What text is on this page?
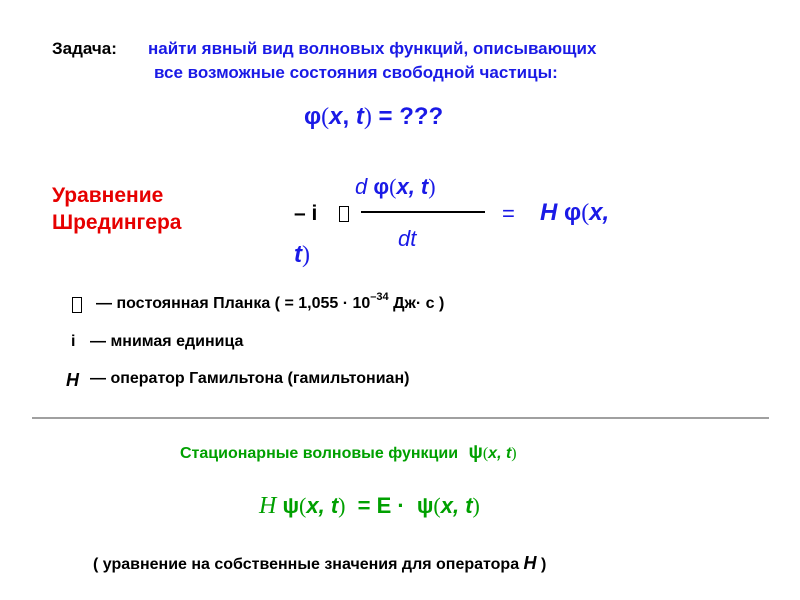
Задача: найти явный вид волновых функций, описывающих
все возможные состояния свободной частицы:
φ(x, t) = ???
Уравнение
Шредингера	– i
d φ(x, t)
dt
= H φ(x,
t)
— постоянная Планка ( = $1,055 \cdot 10^{-34}$ Дж· с )
i — мнимая единица
H — оператор Гамильтона (гамильтониан)
Стационарные волновые функции ψ(x, t)
H ψ(x, t) = E · ψ(x, t)
( уравнение на собственные значения для оператора H )
